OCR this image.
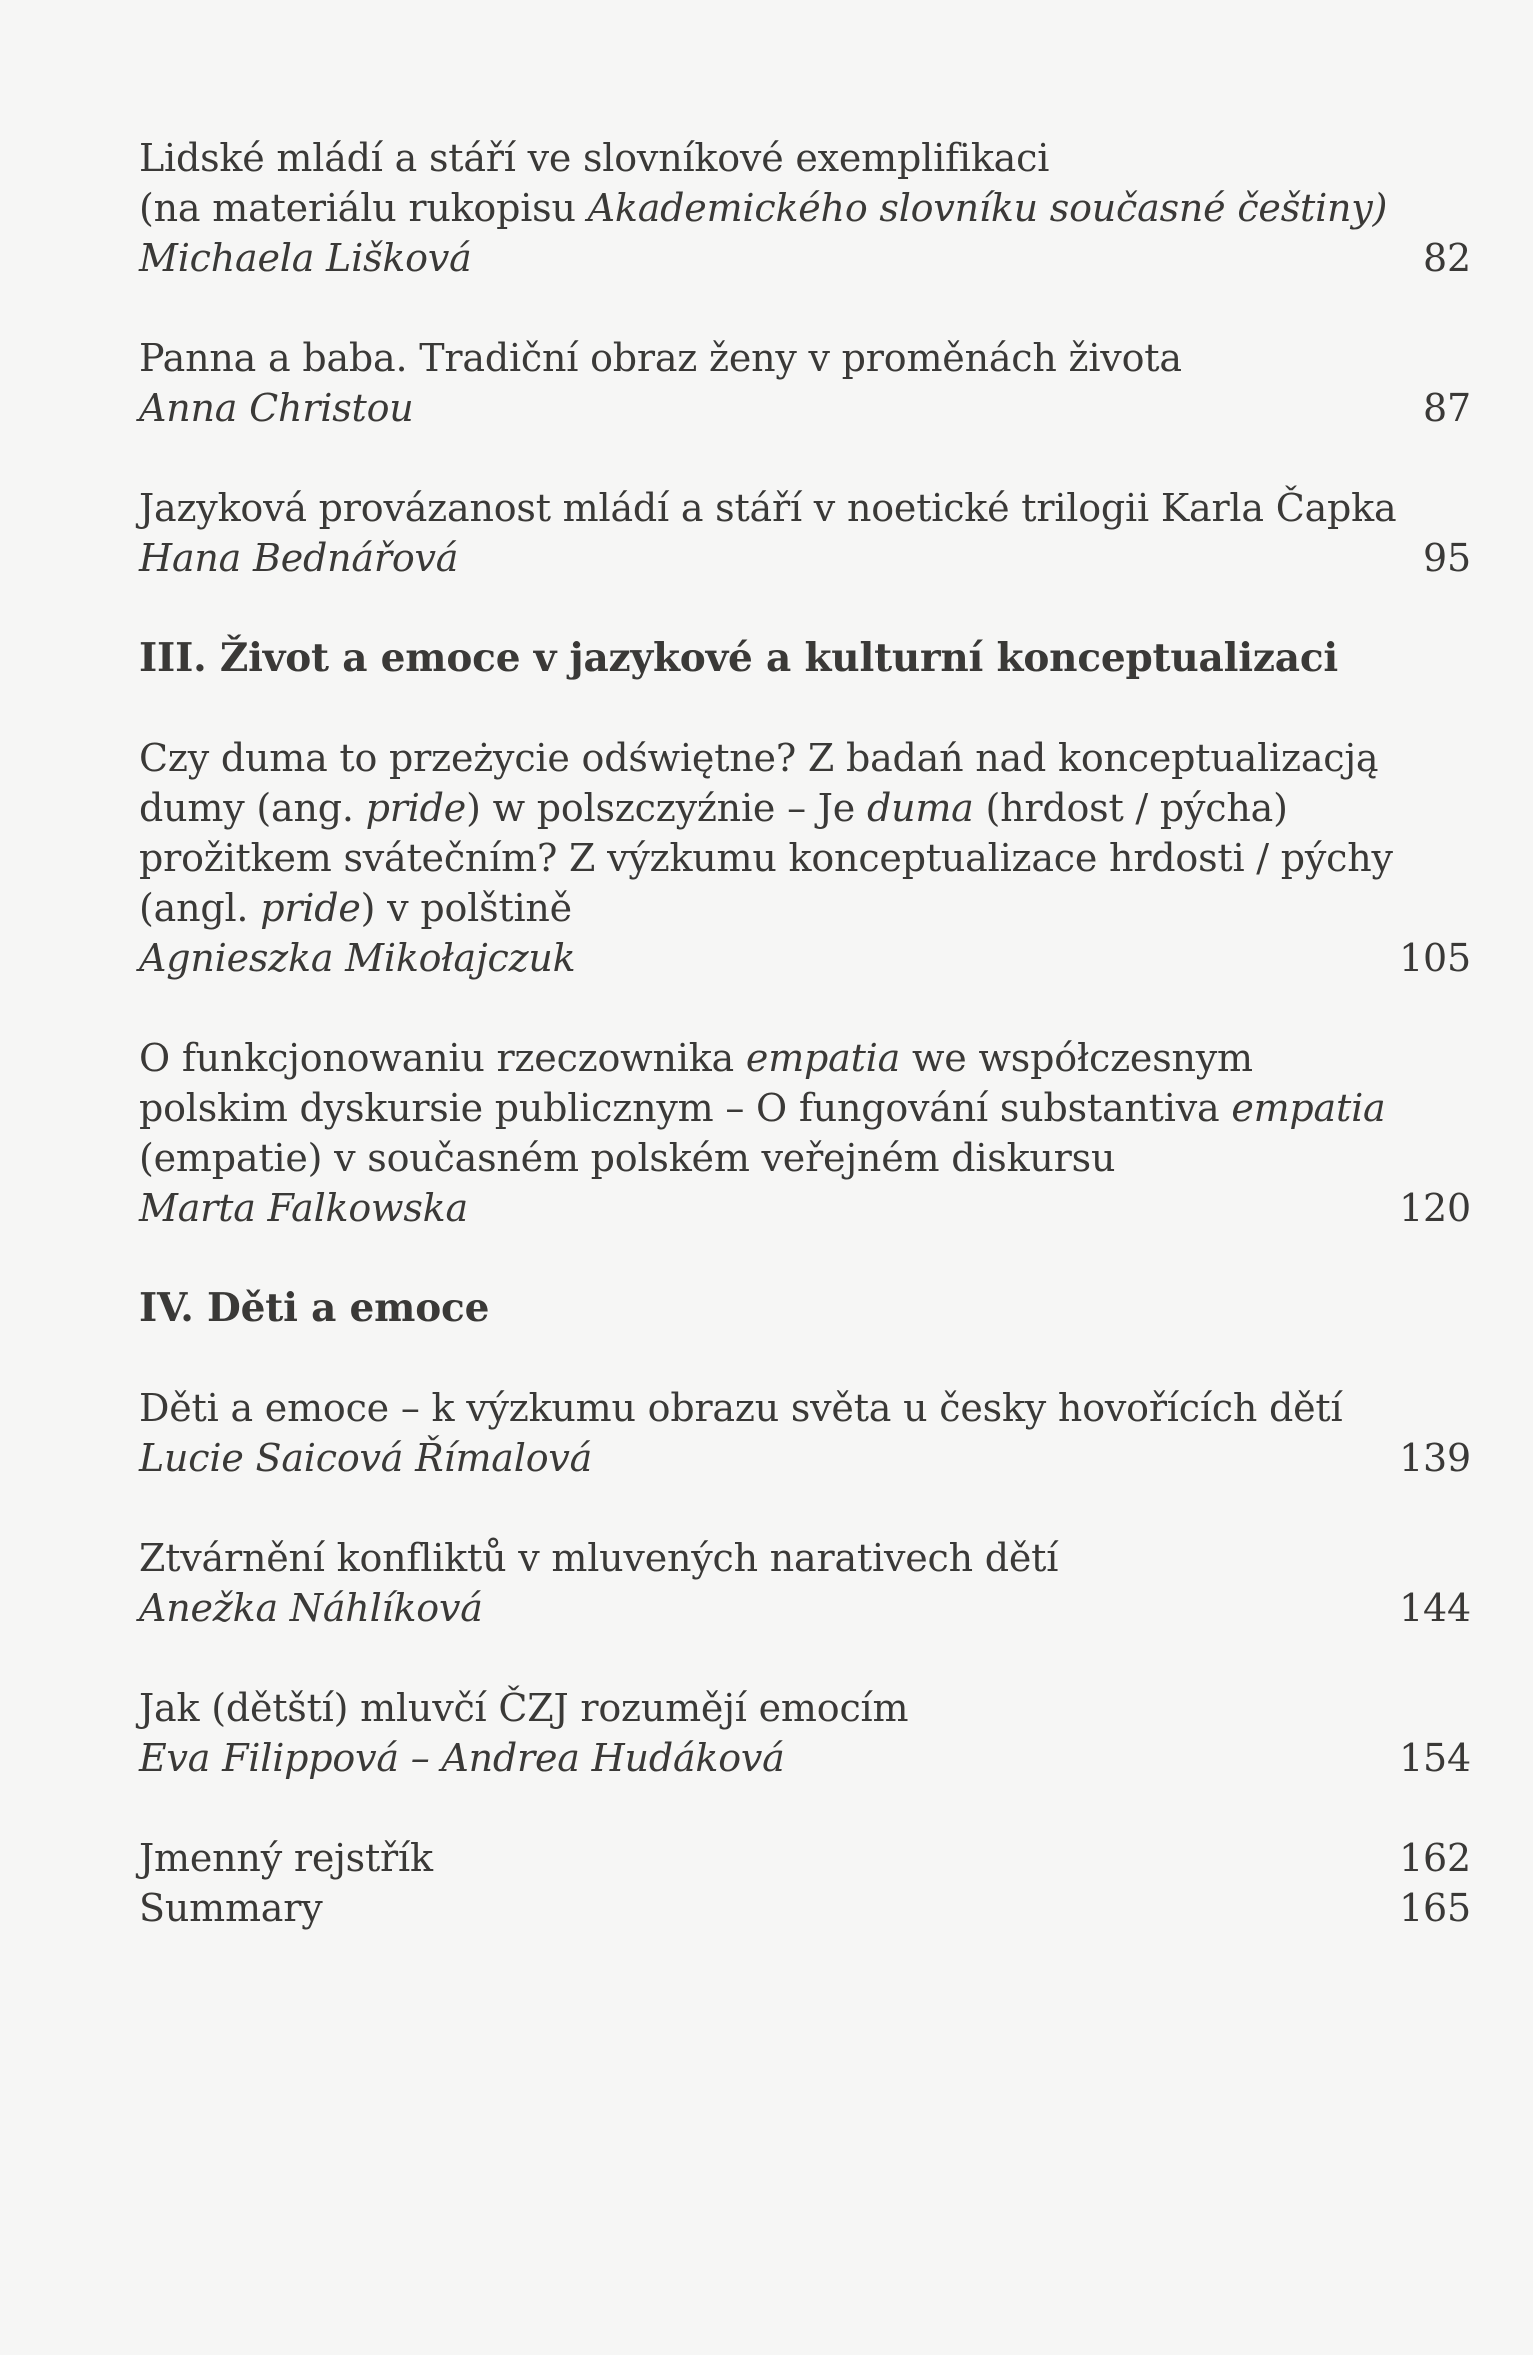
Lidské mládí a stáří ve slovníkové exemplifikaci
(na materiálu rukopisu Akademického slovníku současné češtiny)
Michaela Lišková	82
Panna a baba. Tradiční obraz ženy v proměnách života
Anna Christou	87
Jazyková provázanost mládí a stáří v noetické trilogii Karla Čapka
Hana Bednářová	95
III. Život a emoce v jazykové a kulturní konceptualizaci
Czy duma to przeżycie odświętne? Z badań nad konceptualizacją
dumy (ang. pride) w polszczyźnie – Je duma (hrdost / pýcha)
prožitkem svátečním? Z výzkumu konceptualizace hrdosti / pýchy
(angl. pride) v polštině
Agnieszka Mikołajczuk	105
O funkcjonowaniu rzeczownika empatia we współczesnym
polskim dyskursie publicznym – O fungování substantiva empatia
(empatie) v současném polském veřejném diskursu
Marta Falkowska	120
IV. Děti a emoce
Děti a emoce – k výzkumu obrazu světa u česky hovořících dětí
Lucie Saicová Římalová	139
Ztvárnění konfliktů v mluvených narativech dětí
Anežka Náhlíková	144
Jak (dětští) mluvčí ČZJ rozumějí emocím
Eva Filippová – Andrea Hudáková	154
Jmenný rejstřík	162
Summary	165
